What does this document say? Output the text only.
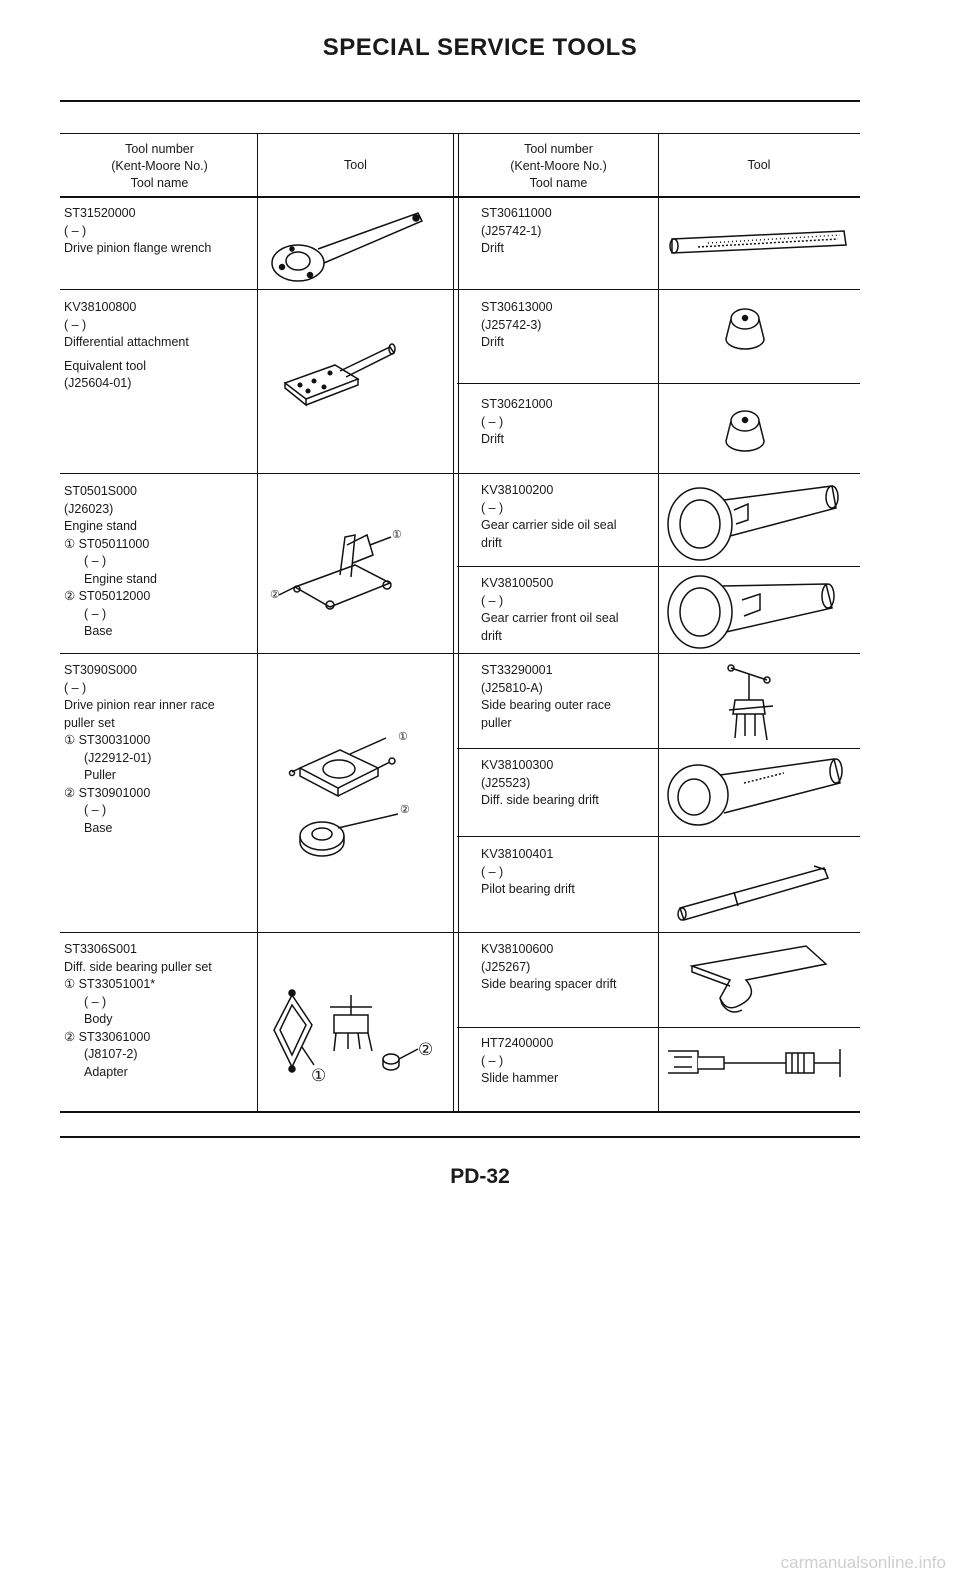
SPECIAL SERVICE TOOLS
Tool number
(Kent-Moore No.)
Tool name
Tool
Tool number
(Kent-Moore No.)
Tool name
Tool
ST31520000
( – )
Drive pinion flange wrench
KV38100800
( – )
Differential attachment
Equivalent tool
(J25604-01)
ST0501S000
(J26023)
Engine stand
① ST05011000
( – )
Engine stand
② ST05012000
( – )
Base
ST3090S000
( – )
Drive pinion rear inner race
puller set
① ST30031000
(J22912-01)
Puller
② ST30901000
( – )
Base
ST3306S001
Diff. side bearing puller set
① ST33051001*
( – )
Body
② ST33061000
(J8107-2)
Adapter
ST30611000
(J25742-1)
Drift
ST30613000
(J25742-3)
Drift
ST30621000
( – )
Drift
KV38100200
( – )
Gear carrier side oil seal
drift
KV38100500
( – )
Gear carrier front oil seal
drift
ST33290001
(J25810-A)
Side bearing outer race
puller
KV38100300
(J25523)
Diff. side bearing drift
KV38100401
( – )
Pilot bearing drift
KV38100600
(J25267)
Side bearing spacer drift
HT72400000
( – )
Slide hammer
①
②
①
②
②
①
PD-32
carmanualsonline.info
